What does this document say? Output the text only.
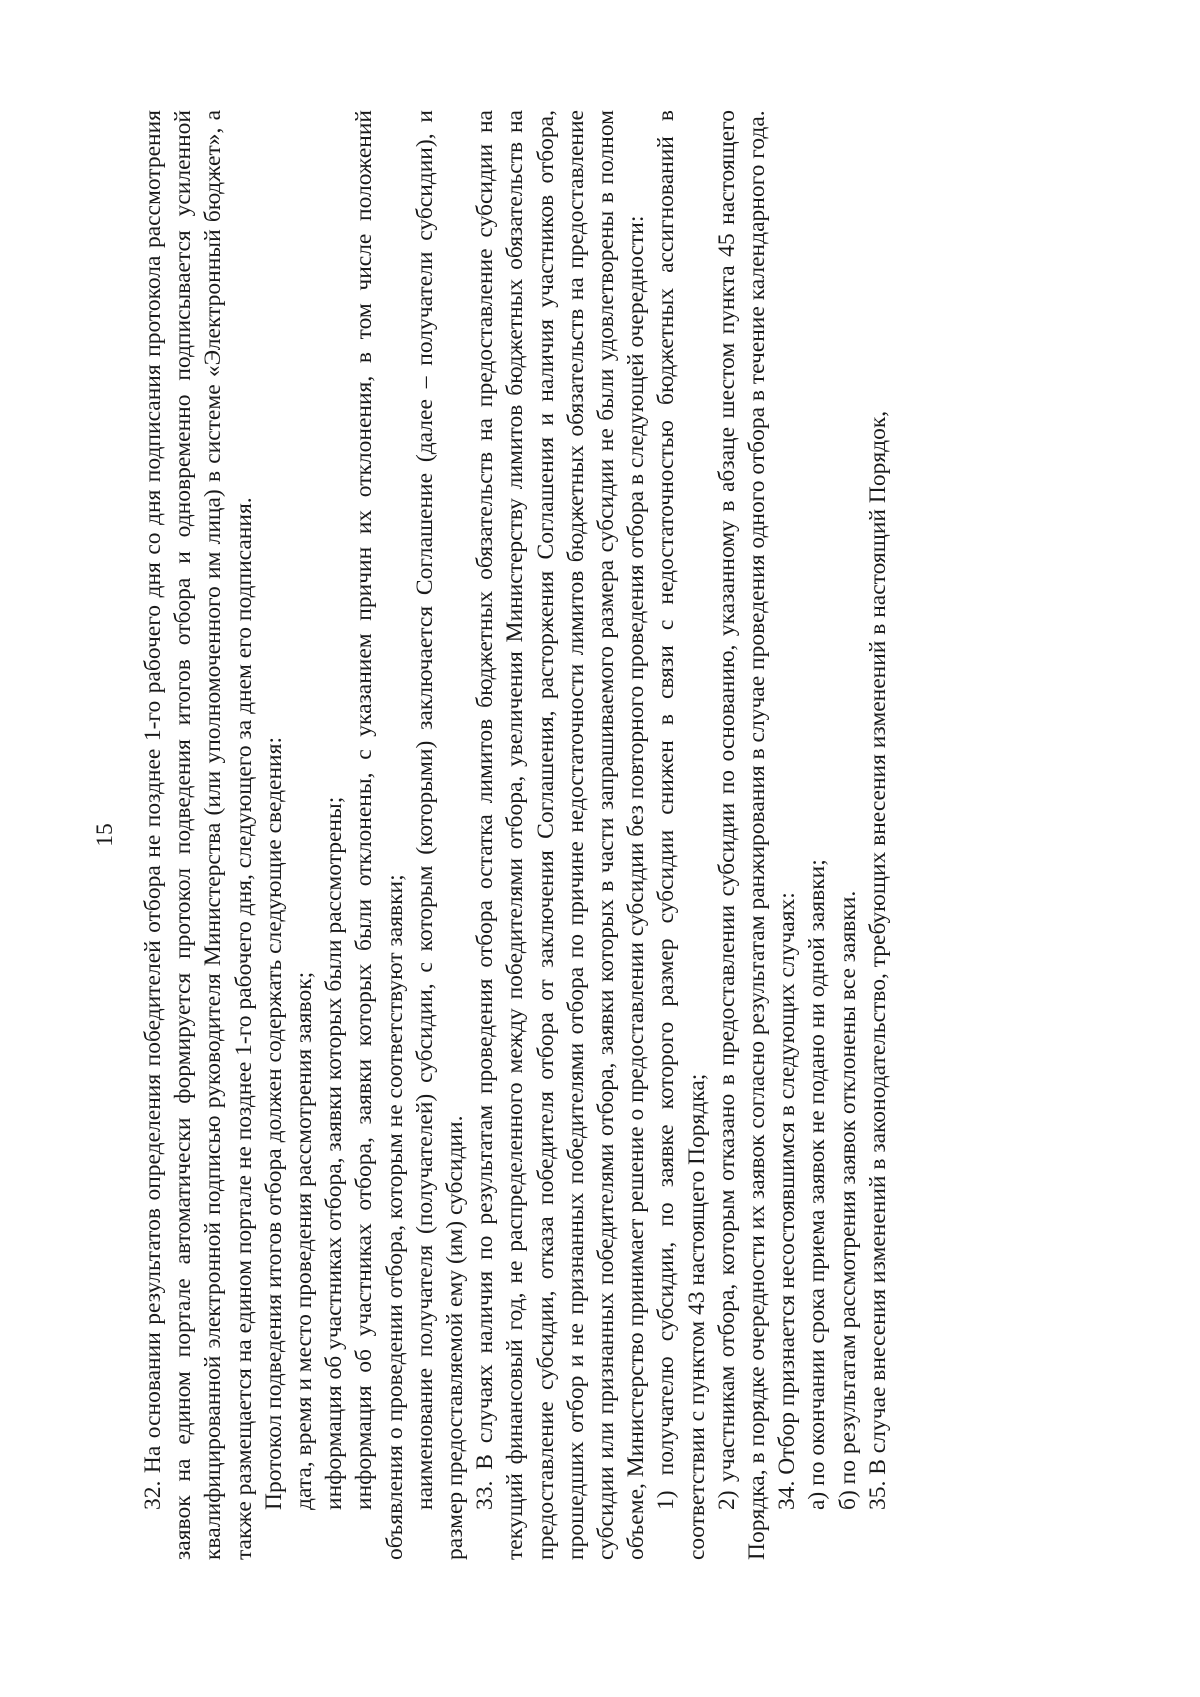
15 32. На основании результатов определения победителей отбора не позднее 1-го рабочего дня со дня подписания протокола рассмотрения заявок на едином портале автоматически формируется протокол подведения итогов отбора и одновременно подписывается усиленной квалифицированной электронной подписью руководителя Министерства (или уполномоченного им лица) в системе «Электронный бюджет», а также размещается на едином портале не позднее 1-го рабочего дня, следующего за днем его подписания. Протокол подведения итогов отбора должен содержать следующие сведения: дата, время и место проведения рассмотрения заявок; информация об участниках отбора, заявки которых были рассмотрены; информация об участниках отбора, заявки которых были отклонены, с указанием причин их отклонения, в том числе положений объявления о проведении отбора, которым не соответствуют заявки; наименование получателя (получателей) субсидии, с которым (которыми) заключается Соглашение (далее – получатели субсидии), и размер предоставляемой ему (им) субсидии. 33. В случаях наличия по результатам проведения отбора остатка лимитов бюджетных обязательств на предоставление субсидии на текущий финансовый год, не распределенного между победителями отбора, увеличения Министерству лимитов бюджетных обязательств на предоставление субсидии, отказа победителя отбора от заключения Соглашения, расторжения Соглашения и наличия участников отбора, прошедших отбор и не признанных победителями отбора по причине недостаточности лимитов бюджетных обязательств на предоставление субсидии или признанных победителями отбора, заявки которых в части запрашиваемого размера субсидии не были удовлетворены в полном объеме, Министерство принимает решение о предоставлении субсидии без повторного проведения отбора в следующей очередности: 1) получателю субсидии, по заявке которого размер субсидии снижен в связи с недостаточностью бюджетных ассигнований в соответствии с пунктом 43 настоящего Порядка; 2) участникам отбора, которым отказано в предоставлении субсидии по основанию, указанному в абзаце шестом пункта 45 настоящего Порядка, в порядке очередности их заявок согласно результатам ранжирования в случае проведения одного отбора в течение календарного года. 34. Отбор признается несостоявшимся в следующих случаях: а) по окончании срока приема заявок не подано ни одной заявки; б) по результатам рассмотрения заявок отклонены все заявки. 35. В случае внесения изменений в законодательство, требующих внесения изменений в настоящий Порядок,
